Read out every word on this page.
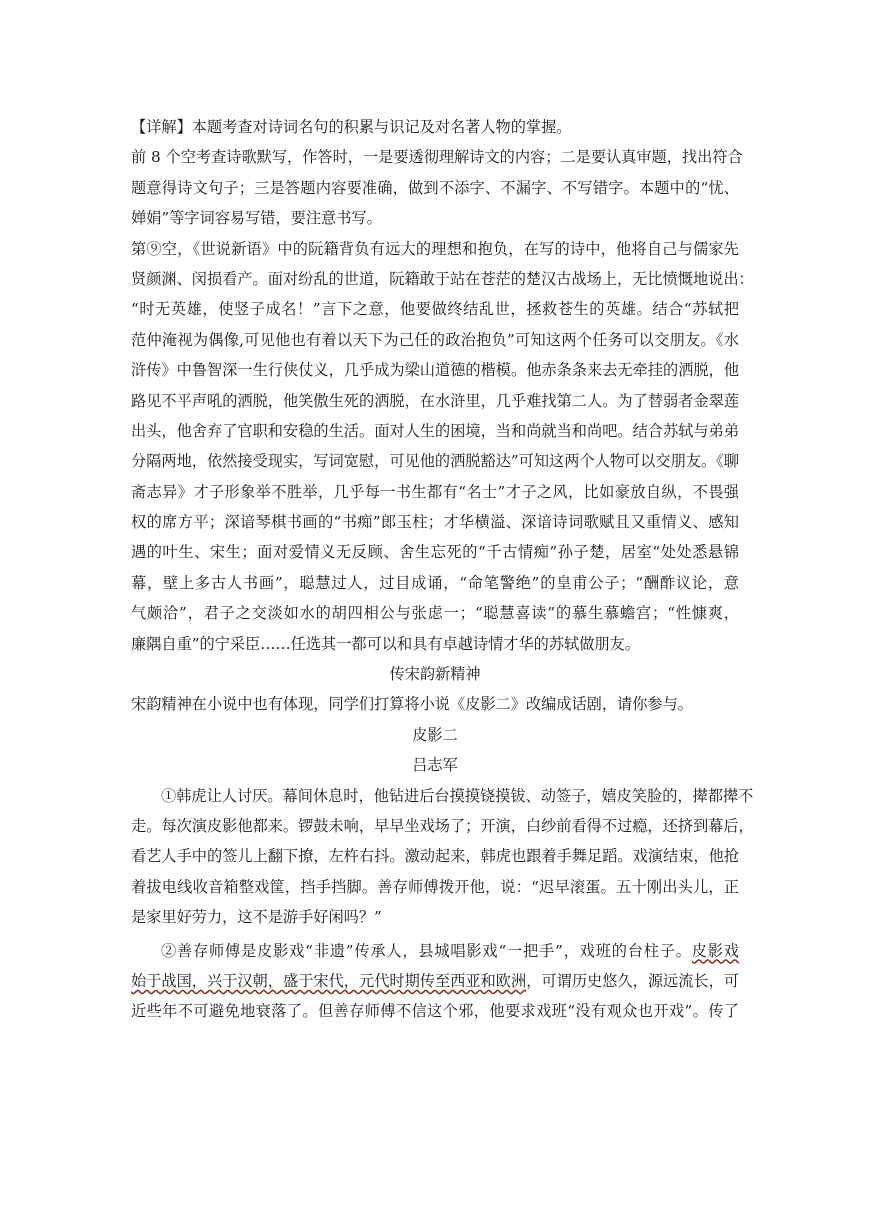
【详解】本题考查对诗词名句的积累与识记及对名著人物的掌握。
前 8 个空考查诗歌默写，作答时，一是要透彻理解诗文的内容；二是要认真审题，找出符合
题意得诗文句子；三是答题内容要准确，做到不添字、不漏字、不写错字。本题中的“忧、
婵娟”等字词容易写错，要注意书写。
第⑨空，《世说新语》中的阮籍背负有远大的理想和抱负，在写的诗中，他将自己与儒家先
贤颜渊、闵损看产。面对纷乱的世道，阮籍敢于站在苍茫的楚汉古战场上，无比愤慨地说出：
“时无英雄，使竖子成名！”言下之意，他要做终结乱世，拯救苍生的英雄。结合“苏轼把
范仲淹视为偶像,可见他也有着以天下为己任的政治抱负”可知这两个任务可以交朋友。《水
浒传》中鲁智深一生行侠仗义，几乎成为梁山道德的楷模。他赤条条来去无牵挂的洒脱，他
路见不平声吼的洒脱，他笑傲生死的洒脱，在水浒里，几乎难找第二人。为了替弱者金翠莲
出头，他舍弃了官职和安稳的生活。面对人生的困境，当和尚就当和尚吧。结合苏轼与弟弟
分隔两地，依然接受现实，写词宽慰，可见他的洒脱豁达”可知这两个人物可以交朋友。《聊
斋志异》才子形象举不胜举，几乎每一书生都有“名士”才子之风，比如豪放自纵，不畏强
权的席方平；深谙琴棋书画的“书痴”郎玉柱；才华横溢、深谙诗词歌赋且又重情义、感知
遇的叶生、宋生；面对爱情义无反顾、舍生忘死的“千古情痴”孙子楚，居室“处处悉悬锦
幕，壁上多古人书画”，聪慧过人，过目成诵，“命笔警绝”的皇甫公子；“酬酢议论，意
气颇洽”，君子之交淡如水的胡四相公与张虑一；“聪慧喜读”的慕生慕蟾宫；“性慷爽，
廉隅自重”的宁采臣……任选其一都可以和具有卓越诗情才华的苏轼做朋友。
传宋韵新精神
宋韵精神在小说中也有体现，同学们打算将小说《皮影二》改编成话剧，请你参与。
皮影二
吕志军
①韩虎让人讨厌。幕间休息时，他钻进后台摸摸铙摸钹、动签子，嬉皮笑脸的，撵都撵不
走。每次演皮影他都来。锣鼓未响，早早坐戏场了；开演，白纱前看得不过瘾，还挤到幕后，
看艺人手中的签儿上翻下撩，左杵右抖。激动起来，韩虎也跟着手舞足蹈。戏演结束，他抢
着拔电线收音箱整戏筐，挡手挡脚。善存师傅拨开他，说：“迟早滚蛋。五十刚出头儿，正
是家里好劳力，这不是游手好闲吗？”
②善存师傅是皮影戏“非遗”传承人，县城唱影戏“一把手”，戏班的台柱子。皮影戏
始于战国，兴于汉朝，盛于宋代，元代时期传至西亚和欧洲，可谓历史悠久，源远流长，可
近些年不可避免地衰落了。但善存师傅不信这个邪，他要求戏班“没有观众也开戏”。传了
